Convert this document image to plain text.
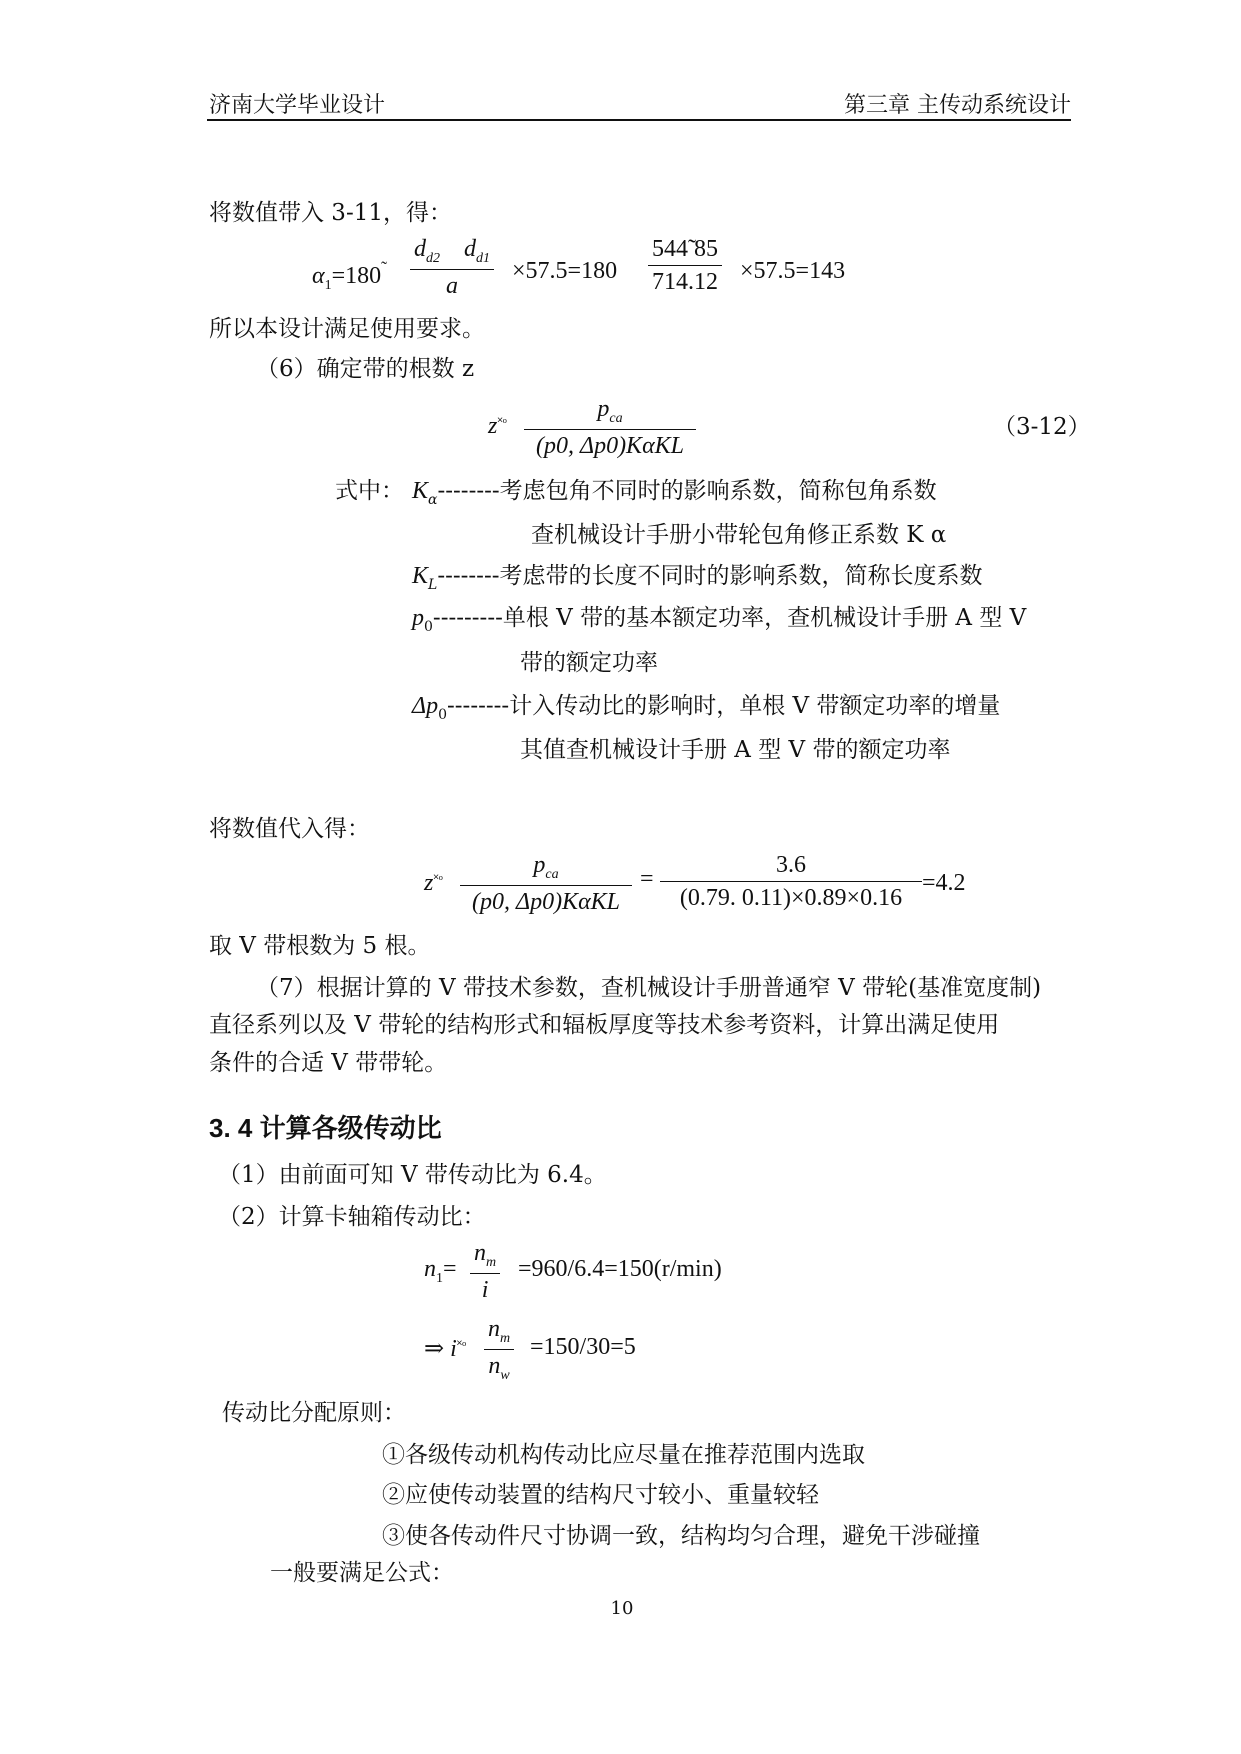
济南大学毕业设计	第三章 主传动系统设计
将数值带入 3-11，得：
$\alpha_1=180 \frac{d_{d2} d_{d1}}{a} \times 57.5=180 \frac{544̃ 85}{714.12} \times 57.5=143$
所以本设计满足使用要求。
（6）确定带的根数 z
$z^{˟ᵒ}$
$p_{ca}$
(p0, Δp0)KαKL
（3-12）
式中： $K_\alpha--------$考虑包角不同时的影响系数，简称包角系数
查机械设计手册小带轮包角修正系数 K α
$K_L--------$考虑带的长度不同时的影响系数，简称长度系数
$p_0---------$单根 V 带的基本额定功率，查机械设计手册 A 型 V
带的额定功率
$\Delta p_0--------$计入传动比的影响时，单根 V 带额定功率的增量
其值查机械设计手册 A 型 V 带的额定功率
将数值代入得：
$z^{˟ᵒ}$
$p_{ca}$
(p0, Δp0)KαKL
= $\frac{3.6}{(0.79. 0.11)\times 0.89\times 0.16} =4.2$
取 V 带根数为 5 根。
（7）根据计算的 V 带技术参数，查机械设计手册普通窄 V 带轮(基准宽度制)
直径系列以及 V 带轮的结构形式和辐板厚度等技术参考资料，计算出满足使用
条件的合适 V 带带轮。
3. 4 计算各级传动比
（1）由前面可知 V 带传动比为 6.4。
（2）计算卡轴箱传动比：
$n_1= \frac{n_m}{i} =960/6.4=150(r/\min)$
⇒ $i^{˟ᵒ} \frac{n_m}{n_w} =150/30=5$
传动比分配原则：
①各级传动机构传动比应尽量在推荐范围内选取
②应使传动装置的结构尺寸较小、重量较轻
③使各传动件尺寸协调一致，结构均匀合理，避免干涉碰撞
一般要满足公式：
10
